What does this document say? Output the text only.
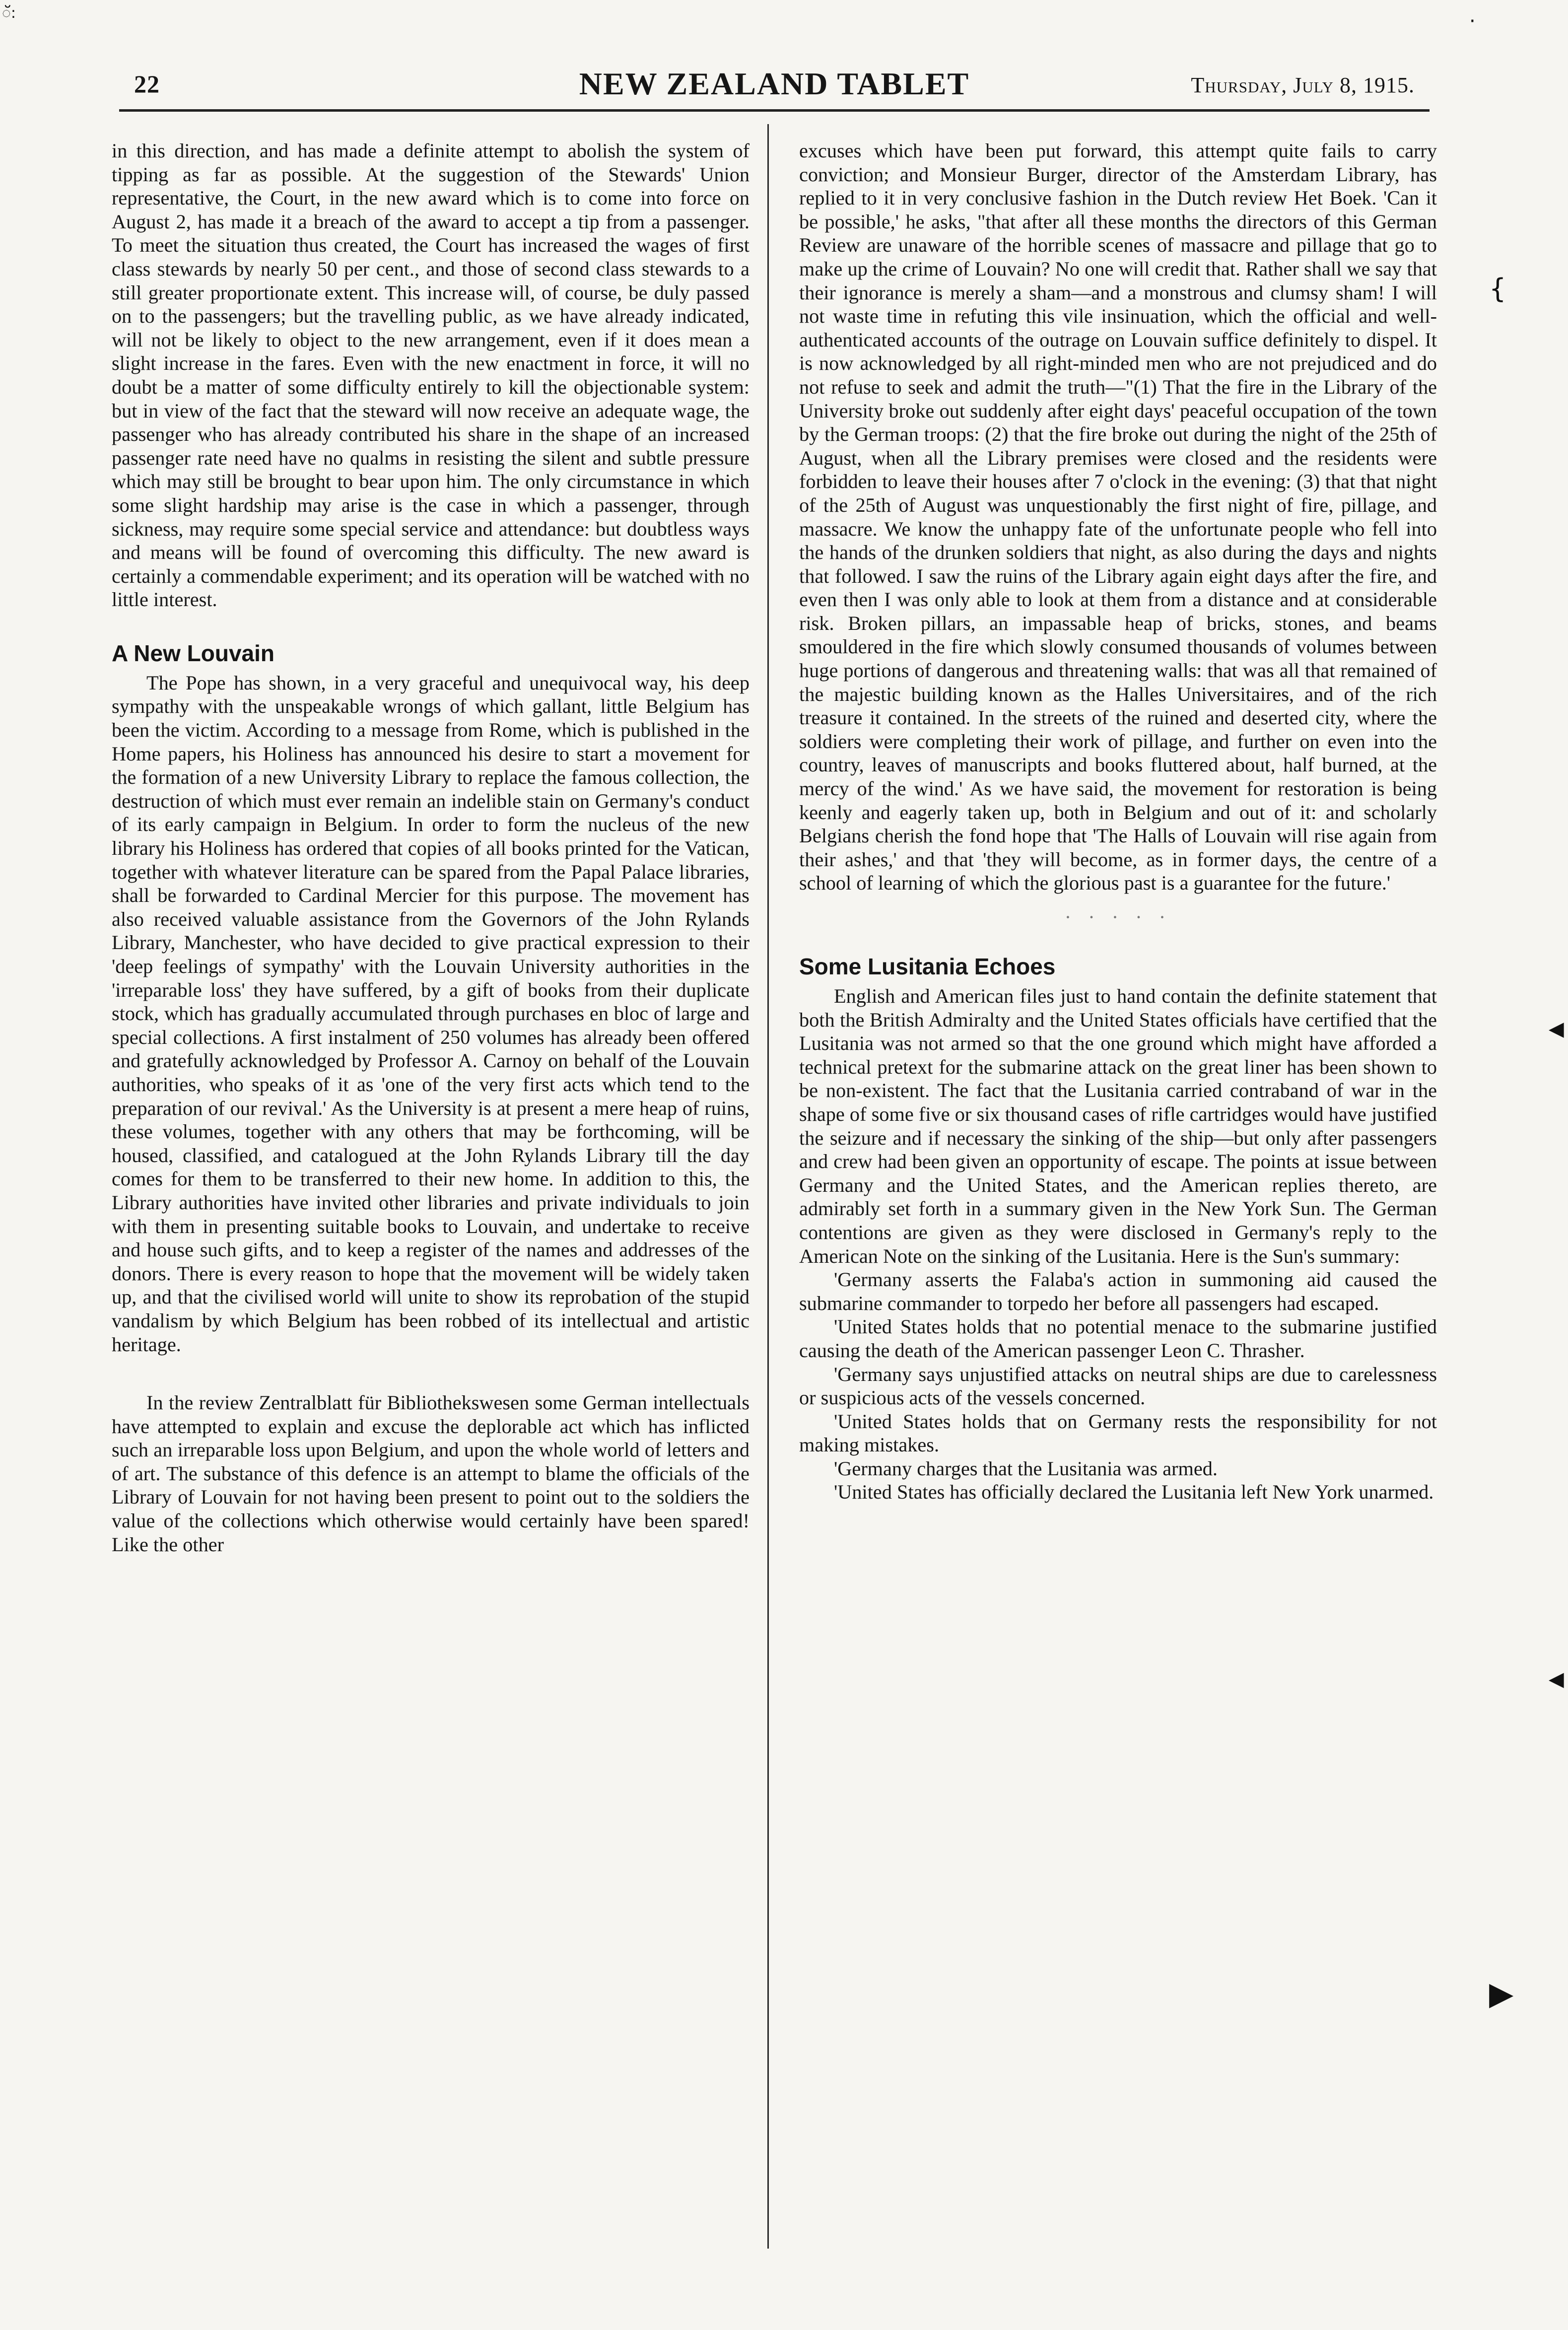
ॅ:	·
22	NEW ZEALAND TABLET	Thursday, July 8, 1915.

in this direction, and has made a definite attempt to abolish the system of tipping as far as possible. At the suggestion of the Stewards' Union representative, the Court, in the new award which is to come into force on August 2, has made it a breach of the award to accept a tip from a passenger. To meet the situation thus created, the Court has increased the wages of first class stewards by nearly 50 per cent., and those of second class stewards to a still greater proportionate extent. This increase will, of course, be duly passed on to the passengers; but the travelling public, as we have already indicated, will not be likely to object to the new arrangement, even if it does mean a slight increase in the fares. Even with the new enactment in force, it will no doubt be a matter of some difficulty entirely to kill the objectionable system: but in view of the fact that the steward will now receive an adequate wage, the passenger who has already contributed his share in the shape of an increased passenger rate need have no qualms in resisting the silent and subtle pressure which may still be brought to bear upon him. The only circumstance in which some slight hardship may arise is the case in which a passenger, through sickness, may require some special service and attendance: but doubtless ways and means will be found of overcoming this difficulty. The new award is certainly a commendable experiment; and its operation will be watched with no little interest.

A New Louvain

The Pope has shown, in a very graceful and unequivocal way, his deep sympathy with the unspeakable wrongs of which gallant, little Belgium has been the victim. According to a message from Rome, which is published in the Home papers, his Holiness has announced his desire to start a movement for the formation of a new University Library to replace the famous collection, the destruction of which must ever remain an indelible stain on Germany's conduct of its early campaign in Belgium. In order to form the nucleus of the new library his Holiness has ordered that copies of all books printed for the Vatican, together with whatever literature can be spared from the Papal Palace libraries, shall be forwarded to Cardinal Mercier for this purpose. The movement has also received valuable assistance from the Governors of the John Rylands Library, Manchester, who have decided to give practical expression to their 'deep feelings of sympathy' with the Louvain University authorities in the 'irreparable loss' they have suffered, by a gift of books from their duplicate stock, which has gradually accumulated through purchases en bloc of large and special collections. A first instalment of 250 volumes has already been offered and gratefully acknowledged by Professor A. Carnoy on behalf of the Louvain authorities, who speaks of it as 'one of the very first acts which tend to the preparation of our revival.' As the University is at present a mere heap of ruins, these volumes, together with any others that may be forthcoming, will be housed, classified, and catalogued at the John Rylands Library till the day comes for them to be transferred to their new home. In addition to this, the Library authorities have invited other libraries and private individuals to join with them in presenting suitable books to Louvain, and undertake to receive and house such gifts, and to keep a register of the names and addresses of the donors. There is every reason to hope that the movement will be widely taken up, and that the civilised world will unite to show its reprobation of the stupid vandalism by which Belgium has been robbed of its intellectual and artistic heritage.

In the review Zentralblatt für Bibliothekswesen some German intellectuals have attempted to explain and excuse the deplorable act which has inflicted such an irreparable loss upon Belgium, and upon the whole world of letters and of art. The substance of this defence is an attempt to blame the officials of the Library of Louvain for not having been present to point out to the soldiers the value of the collections which otherwise would certainly have been spared! Like the other

excuses which have been put forward, this attempt quite fails to carry conviction; and Monsieur Burger, director of the Amsterdam Library, has replied to it in very conclusive fashion in the Dutch review Het Boek. 'Can it be possible,' he asks, "that after all these months the directors of this German Review are unaware of the horrible scenes of massacre and pillage that go to make up the crime of Louvain? No one will credit that. Rather shall we say that their ignorance is merely a sham—and a monstrous and clumsy sham! I will not waste time in refuting this vile insinuation, which the official and well-authenticated accounts of the outrage on Louvain suffice definitely to dispel. It is now acknowledged by all right-minded men who are not prejudiced and do not refuse to seek and admit the truth—"(1) That the fire in the Library of the University broke out suddenly after eight days' peaceful occupation of the town by the German troops: (2) that the fire broke out during the night of the 25th of August, when all the Library premises were closed and the residents were forbidden to leave their houses after 7 o'clock in the evening: (3) that that night of the 25th of August was unquestionably the first night of fire, pillage, and massacre. We know the unhappy fate of the unfortunate people who fell into the hands of the drunken soldiers that night, as also during the days and nights that followed. I saw the ruins of the Library again eight days after the fire, and even then I was only able to look at them from a distance and at considerable risk. Broken pillars, an impassable heap of bricks, stones, and beams smouldered in the fire which slowly consumed thousands of volumes between huge portions of dangerous and threatening walls: that was all that remained of the majestic building known as the Halles Universitaires, and of the rich treasure it contained. In the streets of the ruined and deserted city, where the soldiers were completing their work of pillage, and further on even into the country, leaves of manuscripts and books fluttered about, half burned, at the mercy of the wind.' As we have said, the movement for restoration is being keenly and eagerly taken up, both in Belgium and out of it: and scholarly Belgians cherish the fond hope that 'The Halls of Louvain will rise again from their ashes,' and that 'they will become, as in former days, the centre of a school of learning of which the glorious past is a guarantee for the future.'

· · · · ·
Some Lusitania Echoes

English and American files just to hand contain the definite statement that both the British Admiralty and the United States officials have certified that the Lusitania was not armed so that the one ground which might have afforded a technical pretext for the submarine attack on the great liner has been shown to be non-existent. The fact that the Lusitania carried contraband of war in the shape of some five or six thousand cases of rifle cartridges would have justified the seizure and if necessary the sinking of the ship—but only after passengers and crew had been given an opportunity of escape. The points at issue between Germany and the United States, and the American replies thereto, are admirably set forth in a summary given in the New York Sun. The German contentions are given as they were disclosed in Germany's reply to the American Note on the sinking of the Lusitania. Here is the Sun's summary:

'Germany asserts the Falaba's action in summoning aid caused the submarine commander to torpedo her before all passengers had escaped.

'United States holds that no potential menace to the submarine justified causing the death of the American passenger Leon C. Thrasher.

'Germany says unjustified attacks on neutral ships are due to carelessness or suspicious acts of the vessels concerned.

'United States holds that on Germany rests the responsibility for not making mistakes.

'Germany charges that the Lusitania was armed.

'United States has officially declared the Lusitania left New York unarmed.

{
◀
◀
▶
